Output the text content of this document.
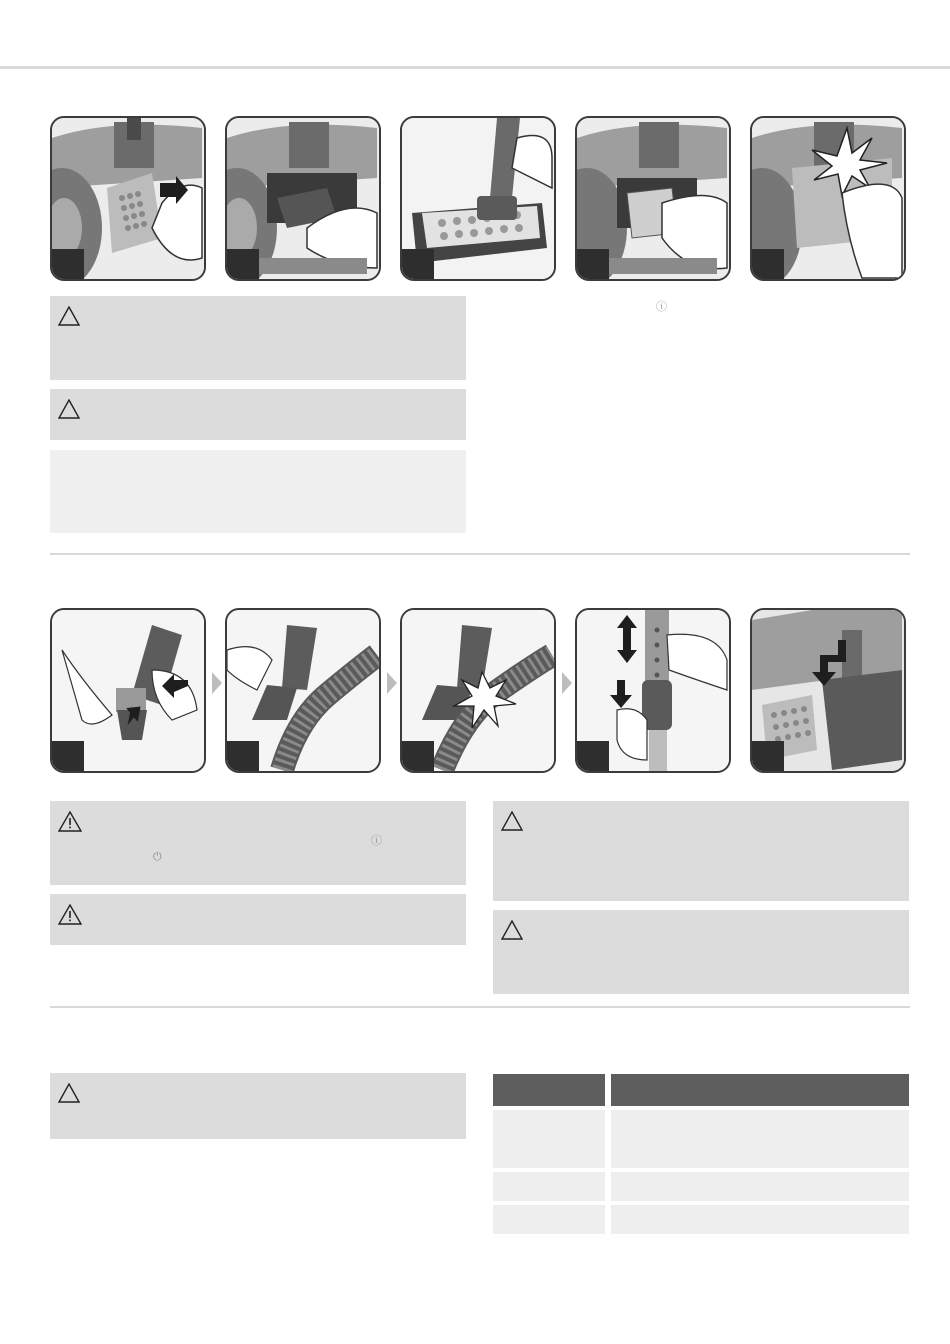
ⓘ
ⓘ
⏻
